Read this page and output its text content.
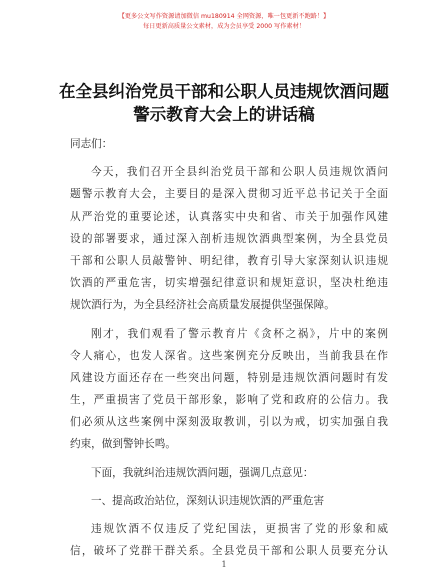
【更多公文写作资源请加微信 mu180914 全网资源，唯一包更新不跑路！】
每日更新高质量公文素材，成为会员享受 2000 写作素材！
在全县纠治党员干部和公职人员违规饮酒问题
警示教育大会上的讲话稿
同志们：
今天，我们召开全县纠治党员干部和公职人员违规饮酒问
题警示教育大会，主要目的是深入贯彻习近平总书记关于全面
从严治党的重要论述，认真落实中央和省、市关于加强作风建
设的部署要求，通过深入剖析违规饮酒典型案例，为全县党员
干部和公职人员敲警钟、明纪律，教育引导大家深刻认识违规
饮酒的严重危害，切实增强纪律意识和规矩意识，坚决杜绝违
规饮酒行为，为全县经济社会高质量发展提供坚强保障。
刚才，我们观看了警示教育片《贪杯之祸》，片中的案例
令人痛心，也发人深省。这些案例充分反映出，当前我县在作
风建设方面还存在一些突出问题，特别是违规饮酒问题时有发
生，严重损害了党员干部形象，影响了党和政府的公信力。我
们必须从这些案例中深刻汲取教训，引以为戒，切实加强自我
约束，做到警钟长鸣。
下面，我就纠治违规饮酒问题，强调几点意见：
一、提高政治站位，深刻认识违规饮酒的严重危害
违规饮酒不仅违反了党纪国法，更损害了党的形象和威
信，破坏了党群干群关系。全县党员干部和公职人员要充分认
1
